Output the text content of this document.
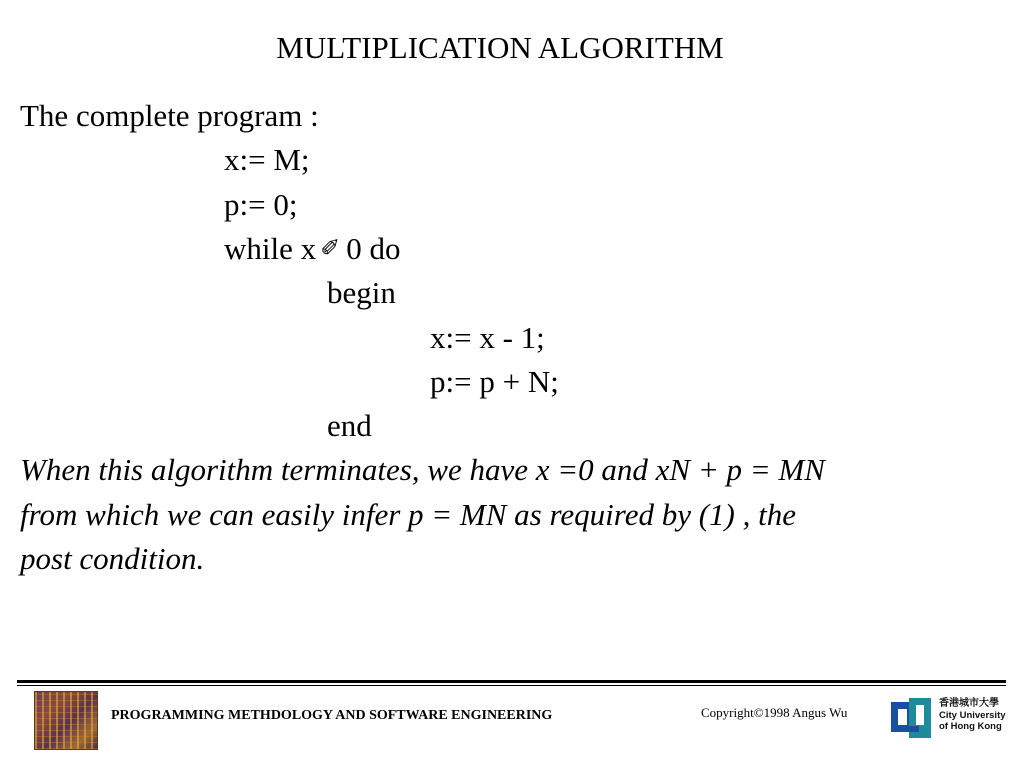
MULTIPLICATION ALGORITHM
The complete program :
x:= M;
p:= 0;
while x ✐ 0 do
begin
x:= x - 1;
p:= p + N;
end
When this algorithm terminates, we have x =0 and xN + p = MN
from which we can easily infer p = MN as required by (1) , the
post condition.
PROGRAMMING METHDOLOGY AND SOFTWARE ENGINEERING	Copyright©1998 Angus Wu
香港城市大學
City University
of Hong Kong
